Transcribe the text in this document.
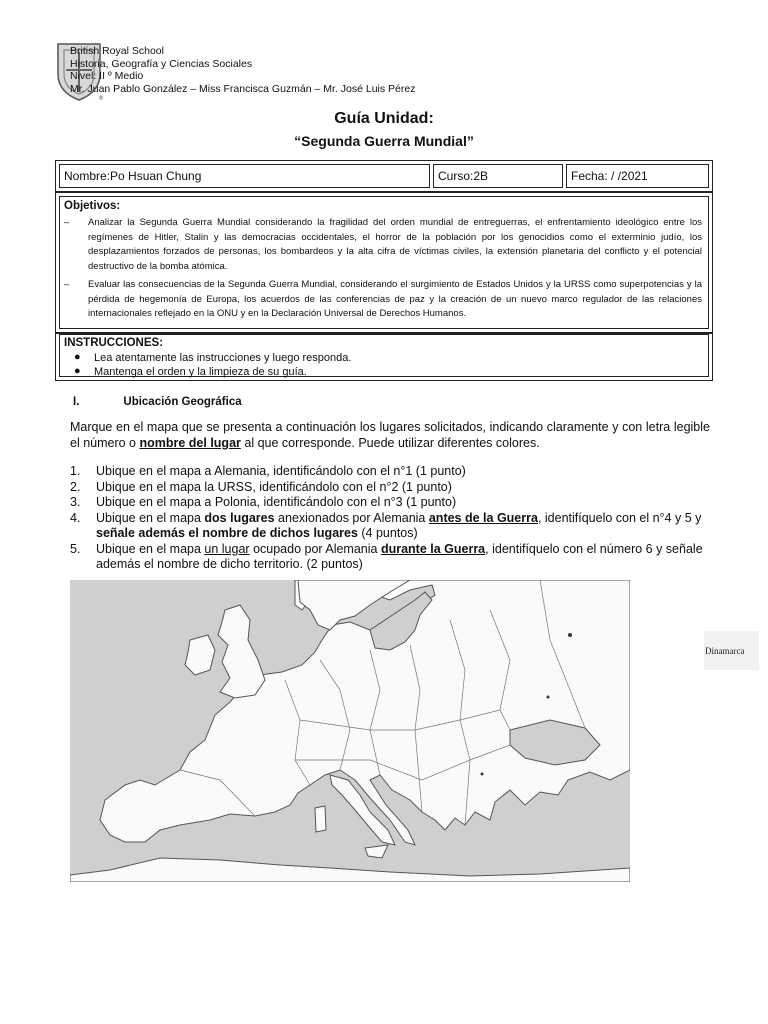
®
British Royal School
Historia, Geografía y Ciencias Sociales
Nivel: II º Medio
Mr. Juan Pablo González – Miss Francisca Guzmán – Mr. José Luis Pérez
Guía Unidad:
“Segunda Guerra Mundial”
Nombre:Po Hsuan Chung	Curso:2B	Fecha: / /2021
Objetivos:
– Analizar la Segunda Guerra Mundial considerando la fragilidad del orden mundial de entreguerras, el enfrentamiento ideológico entre los regímenes de Hitler, Stalin y las democracias occidentales, el horror de la población por los genocidios como el exterminio judío, los desplazamientos forzados de personas, los bombardeos y la alta cifra de víctimas civiles, la extensión planetaria del conflicto y el potencial destructivo de la bomba atómica.
– Evaluar las consecuencias de la Segunda Guerra Mundial, considerando el surgimiento de Estados Unidos y la URSS como superpotencias y la pérdida de hegemonía de Europa, los acuerdos de las conferencias de paz y la creación de un nuevo marco regulador de las relaciones internacionales reflejado en la ONU y en la Declaración Universal de Derechos Humanos.
INSTRUCCIONES:
● Lea atentamente las instrucciones y luego responda.
● Mantenga el orden y la limpieza de su guía.
I.	Ubicación Geográfica
Marque en el mapa que se presenta a continuación los lugares solicitados, indicando claramente y con letra legible el número o nombre del lugar al que corresponde. Puede utilizar diferentes colores.
1. Ubique en el mapa a Alemania, identificándolo con el n°1 (1 punto)
2. Ubique en el mapa la URSS, identificándolo con el n°2 (1 punto)
3. Ubique en el mapa a Polonia, identificándolo con el n°3 (1 punto)
4. Ubique en el mapa dos lugares anexionados por Alemania antes de la Guerra, identifíquelo con el n°4 y 5 y señale además el nombre de dichos lugares (4 puntos)
5. Ubique en el mapa un lugar ocupado por Alemania durante la Guerra, identifíquelo con el número 6 y señale además el nombre de dicho territorio. (2 puntos)
Dinamarca
